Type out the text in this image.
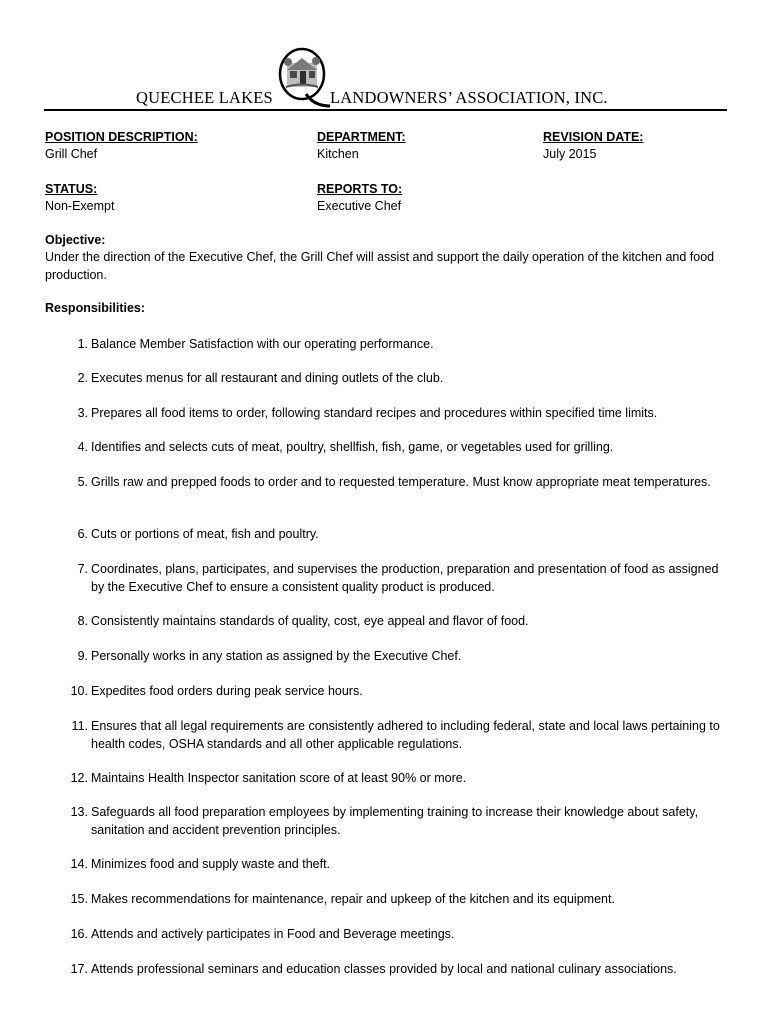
QUECHEE LAKES	LANDOWNERS’ ASSOCIATION, INC.
POSITION DESCRIPTION:
Grill Chef
DEPARTMENT:
Kitchen
REVISION DATE:
July 2015
STATUS:
Non-Exempt
REPORTS TO:
Executive Chef
Objective:
Under the direction of the Executive Chef, the Grill Chef will assist and support the daily operation of the kitchen and food production.
Responsibilities:
1. Balance Member Satisfaction with our operating performance.
2. Executes menus for all restaurant and dining outlets of the club.
3. Prepares all food items to order, following standard recipes and procedures within specified time limits.
4. Identifies and selects cuts of meat, poultry, shellfish, fish, game, or vegetables used for grilling.
5. Grills raw and prepped foods to order and to requested temperature. Must know appropriate meat temperatures.
6. Cuts or portions of meat, fish and poultry.
7. Coordinates, plans, participates, and supervises the production, preparation and presentation of food as assigned by the Executive Chef to ensure a consistent quality product is produced.
8. Consistently maintains standards of quality, cost, eye appeal and flavor of food.
9. Personally works in any station as assigned by the Executive Chef.
10. Expedites food orders during peak service hours.
11. Ensures that all legal requirements are consistently adhered to including federal, state and local laws pertaining to health codes, OSHA standards and all other applicable regulations.
12. Maintains Health Inspector sanitation score of at least 90% or more.
13. Safeguards all food preparation employees by implementing training to increase their knowledge about safety, sanitation and accident prevention principles.
14. Minimizes food and supply waste and theft.
15. Makes recommendations for maintenance, repair and upkeep of the kitchen and its equipment.
16. Attends and actively participates in Food and Beverage meetings.
17. Attends professional seminars and education classes provided by local and national culinary associations.
